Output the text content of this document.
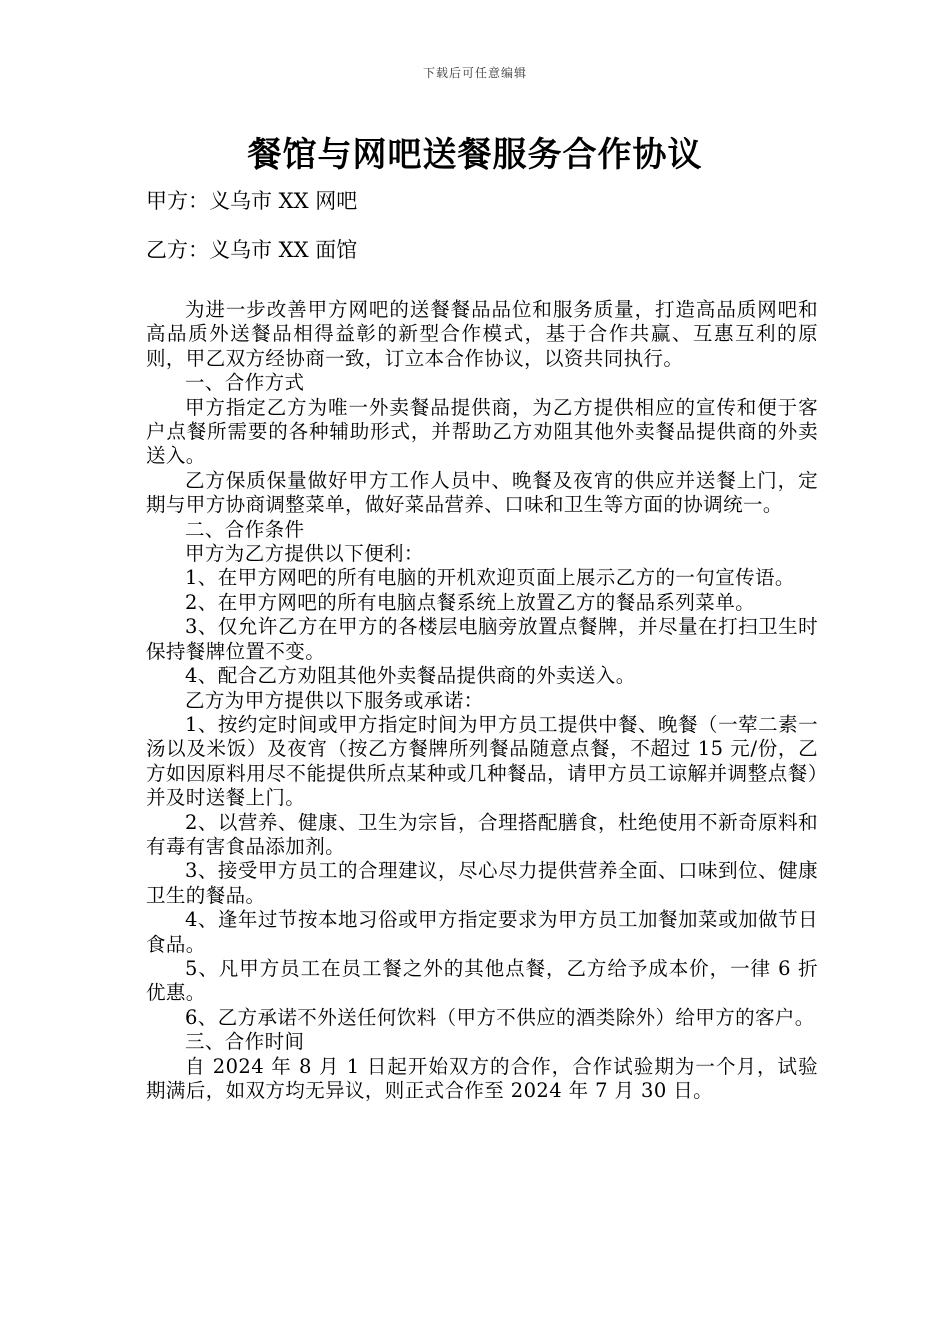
下载后可任意编辑
餐馆与网吧送餐服务合作协议
甲方：义乌市 XX 网吧
乙方：义乌市 XX 面馆

为进一步改善甲方网吧的送餐餐品品位和服务质量，打造高品质网吧和高品质外送餐品相得益彰的新型合作模式，基于合作共赢、互惠互利的原则，甲乙双方经协商一致，订立本合作协议，以资共同执行。

一、合作方式

甲方指定乙方为唯一外卖餐品提供商，为乙方提供相应的宣传和便于客户点餐所需要的各种辅助形式，并帮助乙方劝阻其他外卖餐品提供商的外卖送入。

乙方保质保量做好甲方工作人员中、晚餐及夜宵的供应并送餐上门，定期与甲方协商调整菜单，做好菜品营养、口味和卫生等方面的协调统一。

二、合作条件

甲方为乙方提供以下便利：

1、在甲方网吧的所有电脑的开机欢迎页面上展示乙方的一句宣传语。

2、在甲方网吧的所有电脑点餐系统上放置乙方的餐品系列菜单。

3、仅允许乙方在甲方的各楼层电脑旁放置点餐牌，并尽量在打扫卫生时保持餐牌位置不变。

4、配合乙方劝阻其他外卖餐品提供商的外卖送入。

乙方为甲方提供以下服务或承诺：

1、按约定时间或甲方指定时间为甲方员工提供中餐、晚餐（一荤二素一汤以及米饭）及夜宵（按乙方餐牌所列餐品随意点餐，不超过 15 元/份，乙方如因原料用尽不能提供所点某种或几种餐品，请甲方员工谅解并调整点餐）并及时送餐上门。

2、以营养、健康、卫生为宗旨，合理搭配膳食，杜绝使用不新奇原料和有毒有害食品添加剂。

3、接受甲方员工的合理建议，尽心尽力提供营养全面、口味到位、健康卫生的餐品。

4、逢年过节按本地习俗或甲方指定要求为甲方员工加餐加菜或加做节日食品。

5、凡甲方员工在员工餐之外的其他点餐，乙方给予成本价，一律 6 折优惠。

6、乙方承诺不外送任何饮料（甲方不供应的酒类除外）给甲方的客户。

三、合作时间

自 2024 年 8 月 1 日起开始双方的合作，合作试验期为一个月，试验期满后，如双方均无异议，则正式合作至 2024 年 7 月 30 日。
